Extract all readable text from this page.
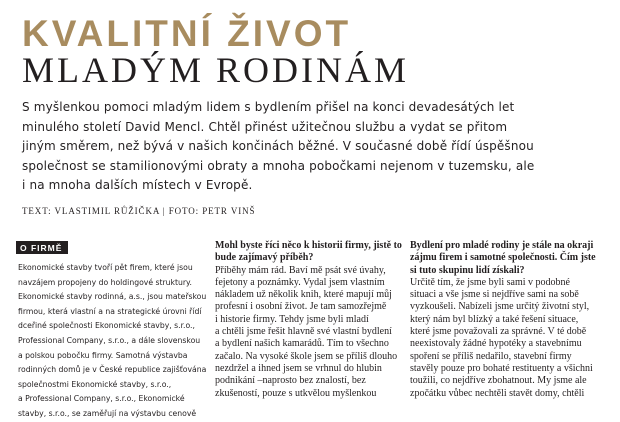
KVALITNÍ ŽIVOT
MLADÝM RODINÁM

S myšlenkou pomoci mladým lidem s bydlením přišel na konci devadesátých let
minulého století David Mencl. Chtěl přinést užitečnou službu a vydat se přitom
jiným směrem, než bývá v našich končinách běžné. V současné době řídí úspěšnou
společnost se stamilionovými obraty a mnoha pobočkami nejenom v tuzemsku, ale
i na mnoha dalších místech v Evropě.

TEXT: VLASTIMIL RŮŽIČKA | FOTO: PETR VINŠ

O FIRMĚ
Ekonomické stavby tvoří pět firem, které jsou
navzájem propojeny do holdingové struktury.
Ekonomické stavby rodinná, a.s., jsou mateřskou
firmou, která vlastní a na strategické úrovni řídí
dceřiné společnosti Ekonomické stavby, s.r.o.,
Professional Company, s.r.o., a dále slovenskou
a polskou pobočku firmy. Samotná výstavba
rodinných domů je v České republice zajišťována
společnostmi Ekonomické stavby, s.r.o.,
a Professional Company, s.r.o., Ekonomické
stavby, s.r.o., se zaměřují na výstavbu cenově
Mohl byste říci něco k historii firmy, jistě to
bude zajímavý příběh?
Příběhy mám rád. Baví mě psát své úvahy,
fejetony a poznámky. Vydal jsem vlastním
nákladem už několik knih, které mapují můj
profesní i osobní život. Je tam samozřejmě
i historie firmy. Tehdy jsme byli mladí
a chtěli jsme řešit hlavně své vlastní bydlení
a bydlení našich kamarádů. Tím to všechno
začalo. Na vysoké škole jsem se příliš dlouho
nezdržel a ihned jsem se vrhnul do hlubin
podnikání –naprosto bez znalostí, bez
zkušeností, pouze s utkvělou myšlenkou
Bydlení pro mladé rodiny je stále na okraji
zájmu firem i samotné společnosti. Čím jste
si tuto skupinu lidí získali?
Určitě tím, že jsme byli sami v podobné
situaci a vše jsme si nejdříve sami na sobě
vyzkoušeli. Nabízeli jsme určitý životní styl,
který nám byl blízký a také řešení situace,
které jsme považovali za správné. V té době
neexistovaly žádné hypotéky a stavebnímu
spoření se příliš nedařilo, stavební firmy
stavěly pouze pro bohaté restituenty a všichni
toužili, co nejdříve zbohatnout. My jsme ale
zpočátku vůbec nechtěli stavět domy, chtěli
